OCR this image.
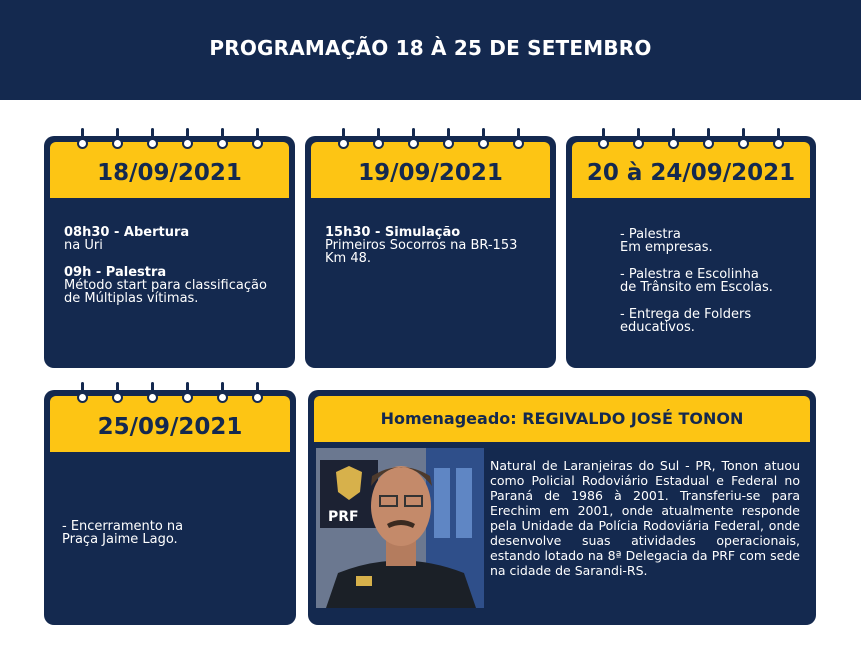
PROGRAMAÇÃO 18 À 25 DE SETEMBRO
18/09/2021

08h30 - Abertura
na Uri

09h - Palestra
Método start para classificação
de Múltiplas vítimas.

19/09/2021

15h30 - Simulação
Primeiros Socorros na BR-153
Km 48.

20 à 24/09/2021

- Palestra
Em empresas.

- Palestra e Escolinha
de Trânsito em Escolas.

- Entrega de Folders
educativos.

25/09/2021

- Encerramento na
Praça Jaime Lago.

Homenageado: REGIVALDO JOSÉ TONON
PRF
Natural de Laranjeiras do Sul - PR, Tonon atuou como Policial Rodoviário Estadual e Federal no Paraná de 1986 à 2001. Transferiu-se para Erechim em 2001, onde atualmente responde pela Unidade da Polícia Rodoviária Federal, onde desenvolve suas atividades operacionais, estando lotado na 8ª Delegacia da PRF com sede na cidade de Sarandi-RS.
